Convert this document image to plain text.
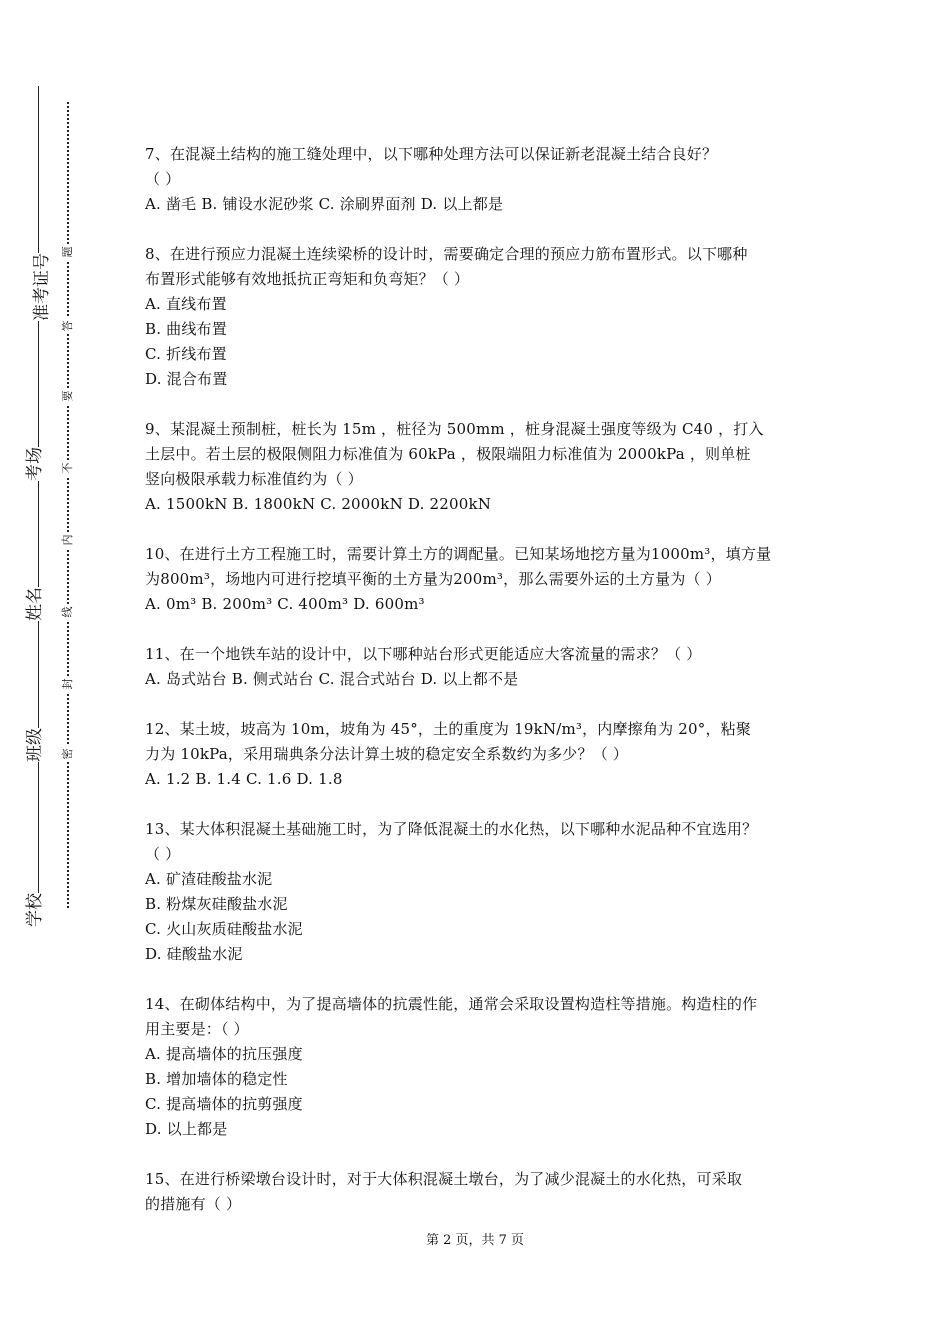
准考证号
考场
姓名
班级
学校
题
答
要
不
内
线
封
密
7、在混凝土结构的施工缝处理中，以下哪种处理方法可以保证新老混凝土结合良好？
（ ）
A. 凿毛 B. 铺设水泥砂浆 C. 涂刷界面剂 D. 以上都是
8、在进行预应力混凝土连续梁桥的设计时，需要确定合理的预应力筋布置形式。以下哪种
布置形式能够有效地抵抗正弯矩和负弯矩？（ ）
A. 直线布置
B. 曲线布置
C. 折线布置
D. 混合布置
9、某混凝土预制桩，桩长为 15m ，桩径为 500mm ，桩身混凝土强度等级为 C40 ，打入
土层中。若土层的极限侧阻力标准值为 60kPa ，极限端阻力标准值为 2000kPa ，则单桩
竖向极限承载力标准值约为（ ）
A. 1500kN B. 1800kN C. 2000kN D. 2200kN
10、在进行土方工程施工时，需要计算土方的调配量。已知某场地挖方量为1000m³，填方量
为800m³，场地内可进行挖填平衡的土方量为200m³，那么需要外运的土方量为（ ）
A. 0m³ B. 200m³ C. 400m³ D. 600m³
11、在一个地铁车站的设计中，以下哪种站台形式更能适应大客流量的需求？（ ）
A. 岛式站台 B. 侧式站台 C. 混合式站台 D. 以上都不是
12、某土坡，坡高为 10m，坡角为 45°，土的重度为 19kN/m³，内摩擦角为 20°，粘聚
力为 10kPa，采用瑞典条分法计算土坡的稳定安全系数约为多少？（ ）
A. 1.2 B. 1.4 C. 1.6 D. 1.8
13、某大体积混凝土基础施工时，为了降低混凝土的水化热，以下哪种水泥品种不宜选用？
（ ）
A. 矿渣硅酸盐水泥
B. 粉煤灰硅酸盐水泥
C. 火山灰质硅酸盐水泥
D. 硅酸盐水泥
14、在砌体结构中，为了提高墙体的抗震性能，通常会采取设置构造柱等措施。构造柱的作
用主要是：（ ）
A. 提高墙体的抗压强度
B. 增加墙体的稳定性
C. 提高墙体的抗剪强度
D. 以上都是
15、在进行桥梁墩台设计时，对于大体积混凝土墩台，为了减少混凝土的水化热，可采取
的措施有（ ）
第 2 页，共 7 页
